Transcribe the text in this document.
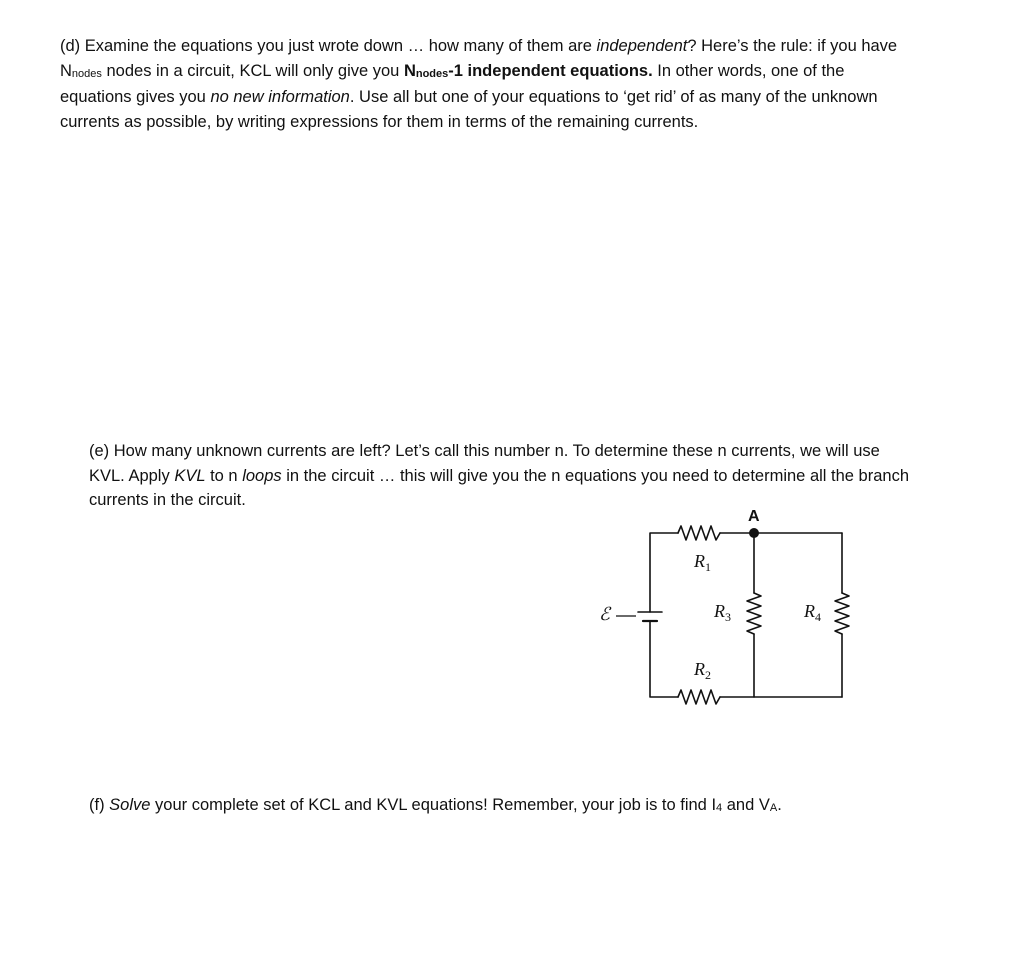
(d) Examine the equations you just wrote down … how many of them are independent? Here’s the rule: if you have $N_{nodes}$ nodes in a circuit, KCL will only give you $N_{nodes}-1$ independent equations. In other words, one of the equations gives you no new information. Use all but one of your equations to ‘get rid’ of as many of the unknown currents as possible, by writing expressions for them in terms of the remaining currents.

(e) How many unknown currents are left? Let’s call this number n. To determine these n currents, we will use KVL. Apply KVL to n loops in the circuit … this will give you the n equations you need to determine all the branch currents in the circuit.

A
ℰ
$R_1$
$R_3$	$R_4$
$R_2$

(f) Solve your complete set of KCL and KVL equations! Remember, your job is to find $I_4$ and $V_A$.
